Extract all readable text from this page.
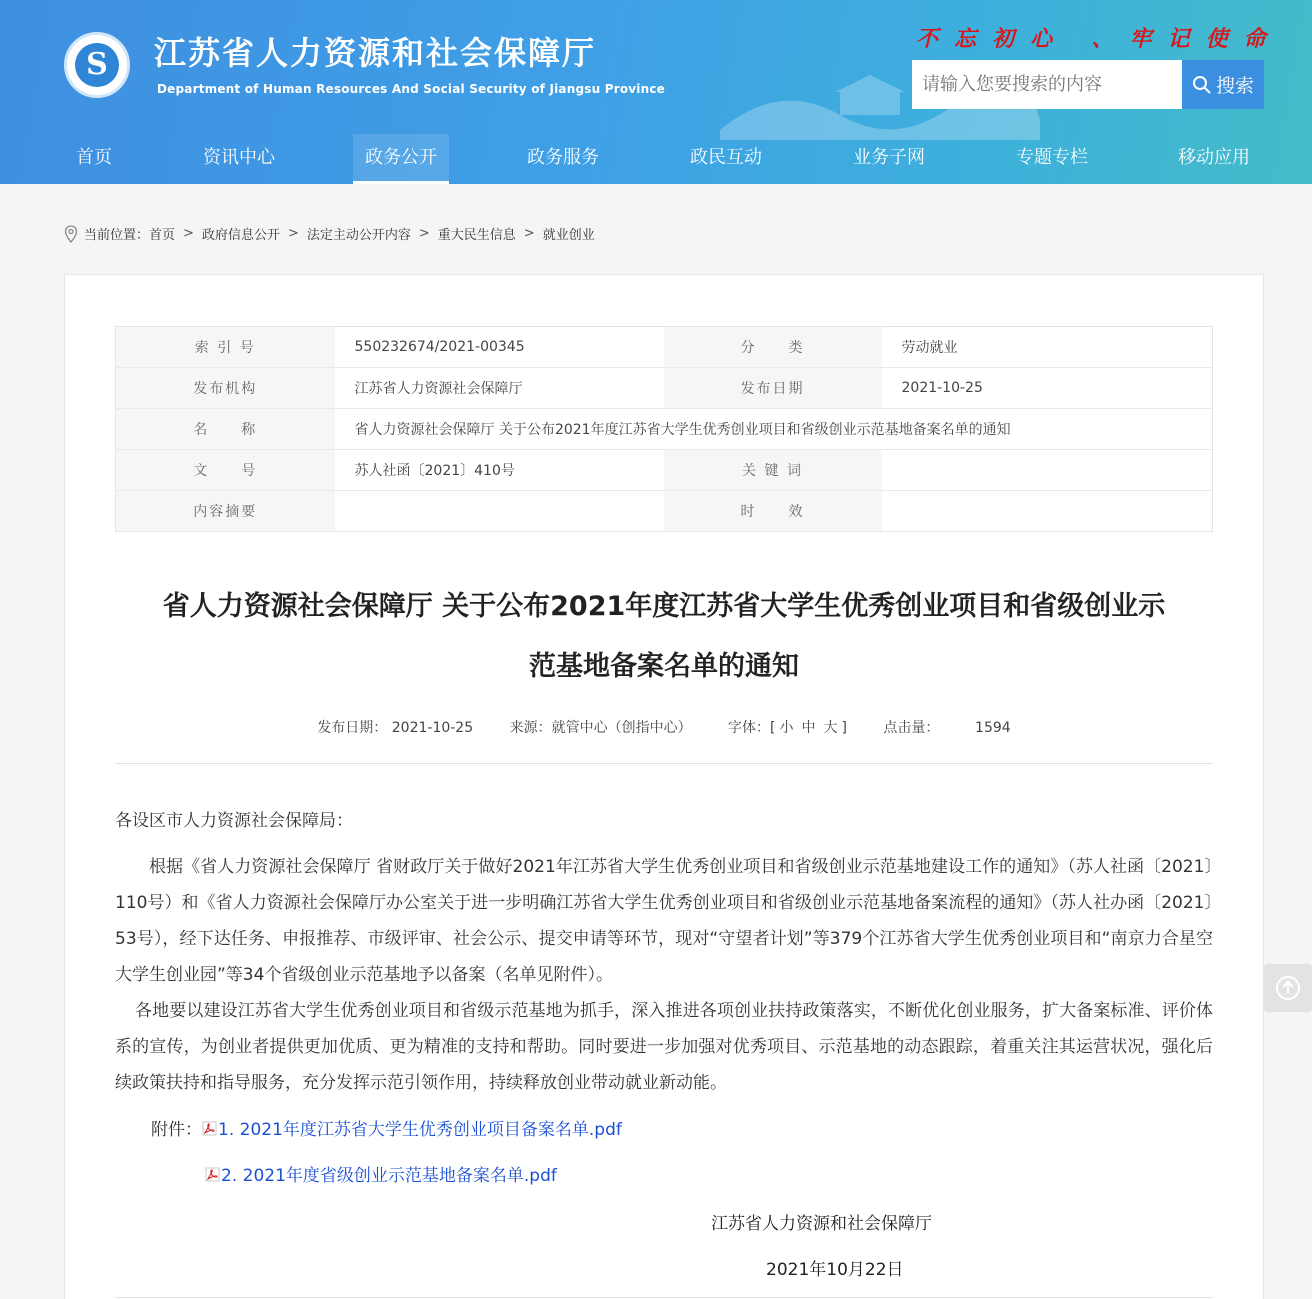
S	江苏省人力资源和社会保障厅
Department of Human Resources And Social Security of Jiangsu Province
不忘初心 、牢记使命
请输入您要搜索的内容
搜索
首页	资讯中心	政务公开	政务服务	政民互动	业务子网	专题专栏	移动应用
当前位置： 首页 > 政府信息公开 > 法定主动公开内容 > 重大民生信息 > 就业创业
索 引 号	550232674/2021-00345	分　　类	劳动就业
发布机构	江苏省人力资源社会保障厅	发布日期	2021-10-25
名　　称	省人力资源社会保障厅 关于公布2021年度江苏省大学生优秀创业项目和省级创业示范基地备案名单的通知		
文　　号	苏人社函〔2021〕410号	关 键 词	
内容摘要		时　　效	
省人力资源社会保障厅 关于公布2021年度江苏省大学生优秀创业项目和省级创业示
范基地备案名单的通知
发布日期： 2021-10-25	来源：就管中心（创指中心）	字体：[ 小 中 大 ]	点击量：	1594

各设区市人力资源社会保障局：

根据《省人力资源社会保障厅 省财政厅关于做好2021年江苏省大学生优秀创业项目和省级创业示范基地建设工作的通知》（苏人社函〔2021〕110号）和《省人力资源社会保障厅办公室关于进一步明确江苏省大学生优秀创业项目和省级创业示范基地备案流程的通知》（苏人社办函〔2021〕53号），经下达任务、申报推荐、市级评审、社会公示、提交申请等环节，现对“守望者计划”等379个江苏省大学生优秀创业项目和“南京力合星空大学生创业园”等34个省级创业示范基地予以备案（名单见附件）。

各地要以建设江苏省大学生优秀创业项目和省级示范基地为抓手，深入推进各项创业扶持政策落实，不断优化创业服务，扩大备案标准、评价体系的宣传，为创业者提供更加优质、更为精准的支持和帮助。同时要进一步加强对优秀项目、示范基地的动态跟踪，着重关注其运营状况，强化后续政策扶持和指导服务，充分发挥示范引领作用，持续释放创业带动就业新动能。

附件： 1. 2021年度江苏省大学生优秀创业项目备案名单.pdf
2. 2021年度省级创业示范基地备案名单.pdf
江苏省人力资源和社会保障厅
2021年10月22日
